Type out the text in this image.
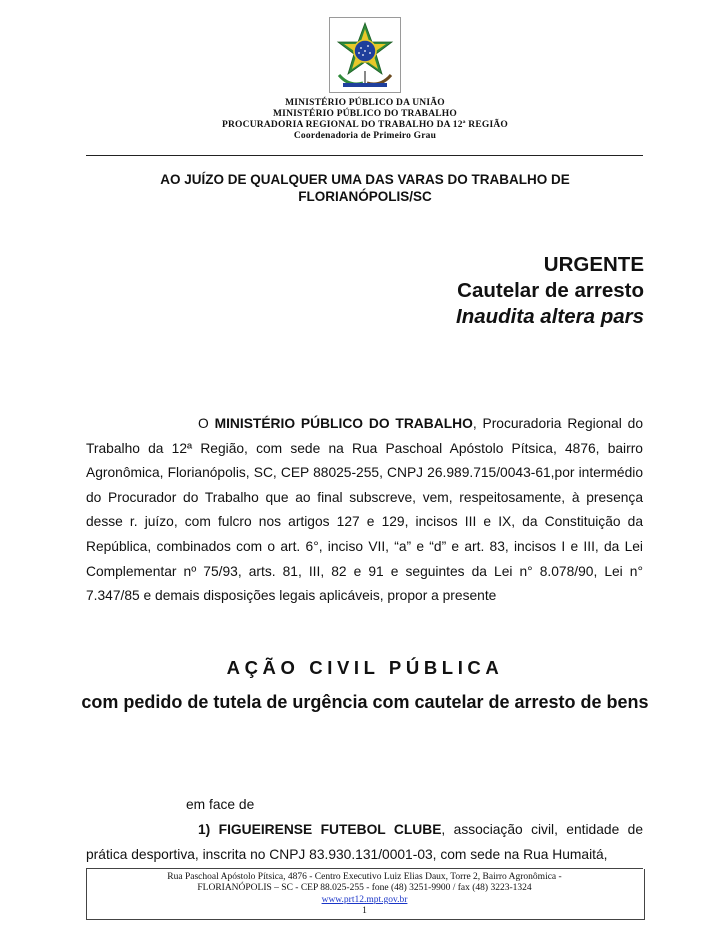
MINISTÉRIO PÚBLICO DA UNIÃO
MINISTÉRIO PÚBLICO DO TRABALHO
PROCURADORIA REGIONAL DO TRABALHO DA 12ª REGIÃO
Coordenadoria de Primeiro Grau
AO JUÍZO DE QUALQUER UMA DAS VARAS DO TRABALHO DE
FLORIANÓPOLIS/SC
URGENTE
Cautelar de arresto
Inaudita altera pars

O MINISTÉRIO PÚBLICO DO TRABALHO, Procuradoria Regional do Trabalho da 12ª Região, com sede na Rua Paschoal Apóstolo Pítsica, 4876, bairro Agronômica, Florianópolis, SC, CEP 88025-255, CNPJ 26.989.715/0043-61,por intermédio do Procurador do Trabalho que ao final subscreve, vem, respeitosamente, à presença desse r. juízo, com fulcro nos artigos 127 e 129, incisos III e IX, da Constituição da República, combinados com o art. 6°, inciso VII, “a” e “d” e art. 83, incisos I e III, da Lei Complementar nº 75/93, arts. 81, III, 82 e 91 e seguintes da Lei n° 8.078/90, Lei n° 7.347/85 e demais disposições legais aplicáveis, propor a presente

AÇÃO CIVIL PÚBLICA
com pedido de tutela de urgência com cautelar de arresto de bens
em face de

1) FIGUEIRENSE FUTEBOL CLUBE, associação civil, entidade de prática desportiva, inscrita no CNPJ 83.930.131/0001-03, com sede na Rua Humaitá,

Rua Paschoal Apóstolo Pítsica, 4876 - Centro Executivo Luiz Elias Daux, Torre 2, Bairro Agronômica -
FLORIANÓPOLIS – SC - CEP 88.025-255 - fone (48) 3251-9900 / fax (48) 3223-1324
www.prt12.mpt.gov.br
1
